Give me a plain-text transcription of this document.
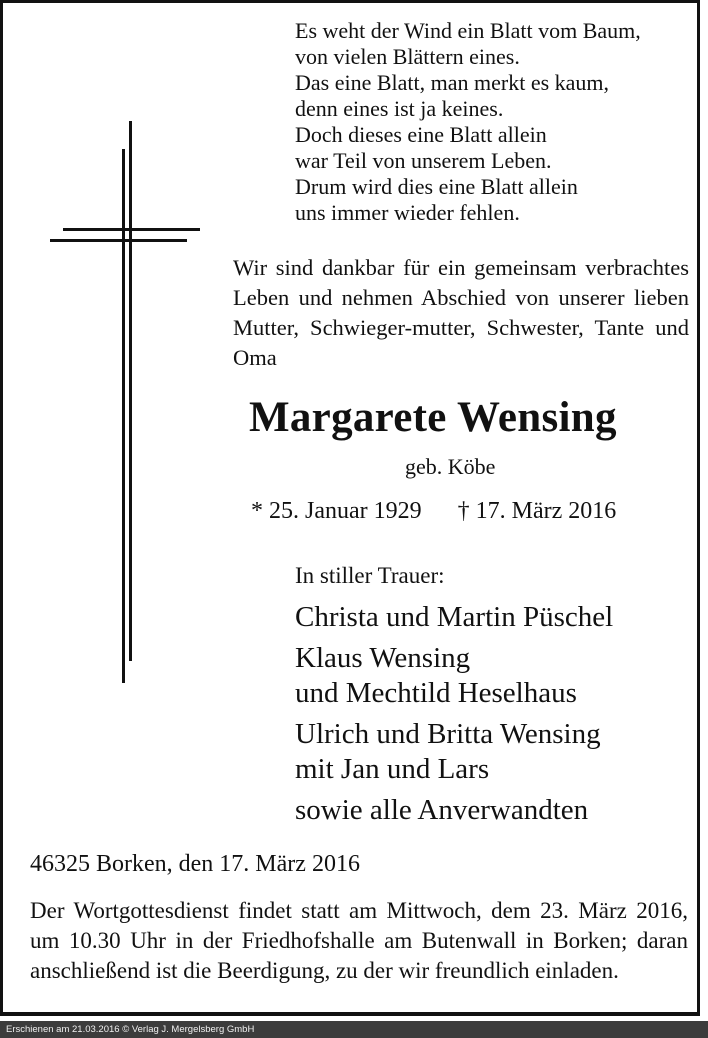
Es weht der Wind ein Blatt vom Baum,
von vielen Blättern eines.
Das eine Blatt, man merkt es kaum,
denn eines ist ja keines.
Doch dieses eine Blatt allein
war Teil von unserem Leben.
Drum wird dies eine Blatt allein
uns immer wieder fehlen.
Wir sind dankbar für ein gemeinsam verbrachtes Leben und nehmen Abschied von unserer lieben Mutter, Schwieger-mutter, Schwester, Tante und Oma
Margarete Wensing
geb. Köbe
* 25. Januar 1929 † 17. März 2016
In stiller Trauer:
Christa und Martin Püschel
Klaus Wensing
und Mechtild Heselhaus
Ulrich und Britta Wensing
mit Jan und Lars
sowie alle Anverwandten
46325 Borken, den 17. März 2016
Der Wortgottesdienst findet statt am Mittwoch, dem 23. März 2016, um 10.30 Uhr in der Friedhofshalle am Butenwall in Borken; daran anschließend ist die Beerdigung, zu der wir freundlich einladen.
Erschienen am 21.03.2016 © Verlag J. Mergelsberg GmbH
